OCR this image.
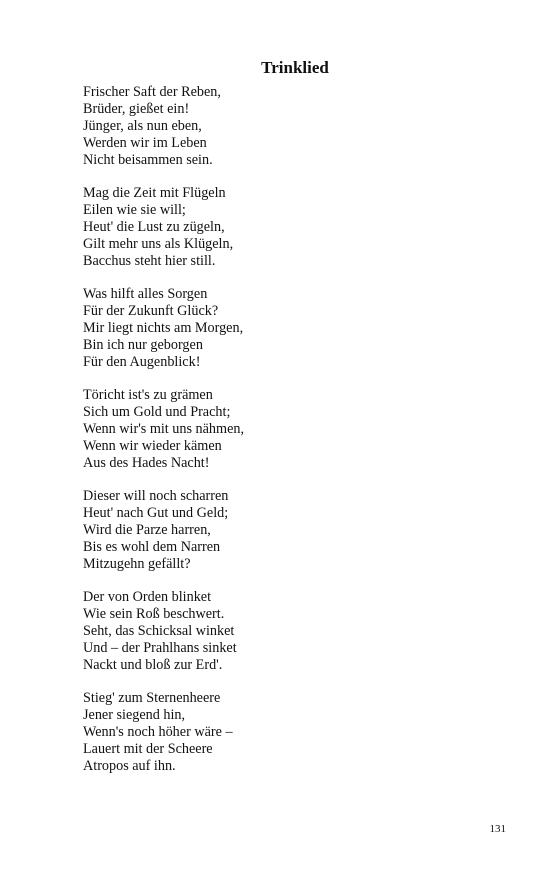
Trinklied
Frischer Saft der Reben,
Brüder, gießet ein!
Jünger, als nun eben,
Werden wir im Leben
Nicht beisammen sein.
Mag die Zeit mit Flügeln
Eilen wie sie will;
Heut' die Lust zu zügeln,
Gilt mehr uns als Klügeln,
Bacchus steht hier still.
Was hilft alles Sorgen
Für der Zukunft Glück?
Mir liegt nichts am Morgen,
Bin ich nur geborgen
Für den Augenblick!
Töricht ist's zu grämen
Sich um Gold und Pracht;
Wenn wir's mit uns nähmen,
Wenn wir wieder kämen
Aus des Hades Nacht!
Dieser will noch scharren
Heut' nach Gut und Geld;
Wird die Parze harren,
Bis es wohl dem Narren
Mitzugehn gefällt?
Der von Orden blinket
Wie sein Roß beschwert.
Seht, das Schicksal winket
Und – der Prahlhans sinket
Nackt und bloß zur Erd'.
Stieg' zum Sternenheere
Jener siegend hin,
Wenn's noch höher wäre –
Lauert mit der Scheere
Atropos auf ihn.
131
